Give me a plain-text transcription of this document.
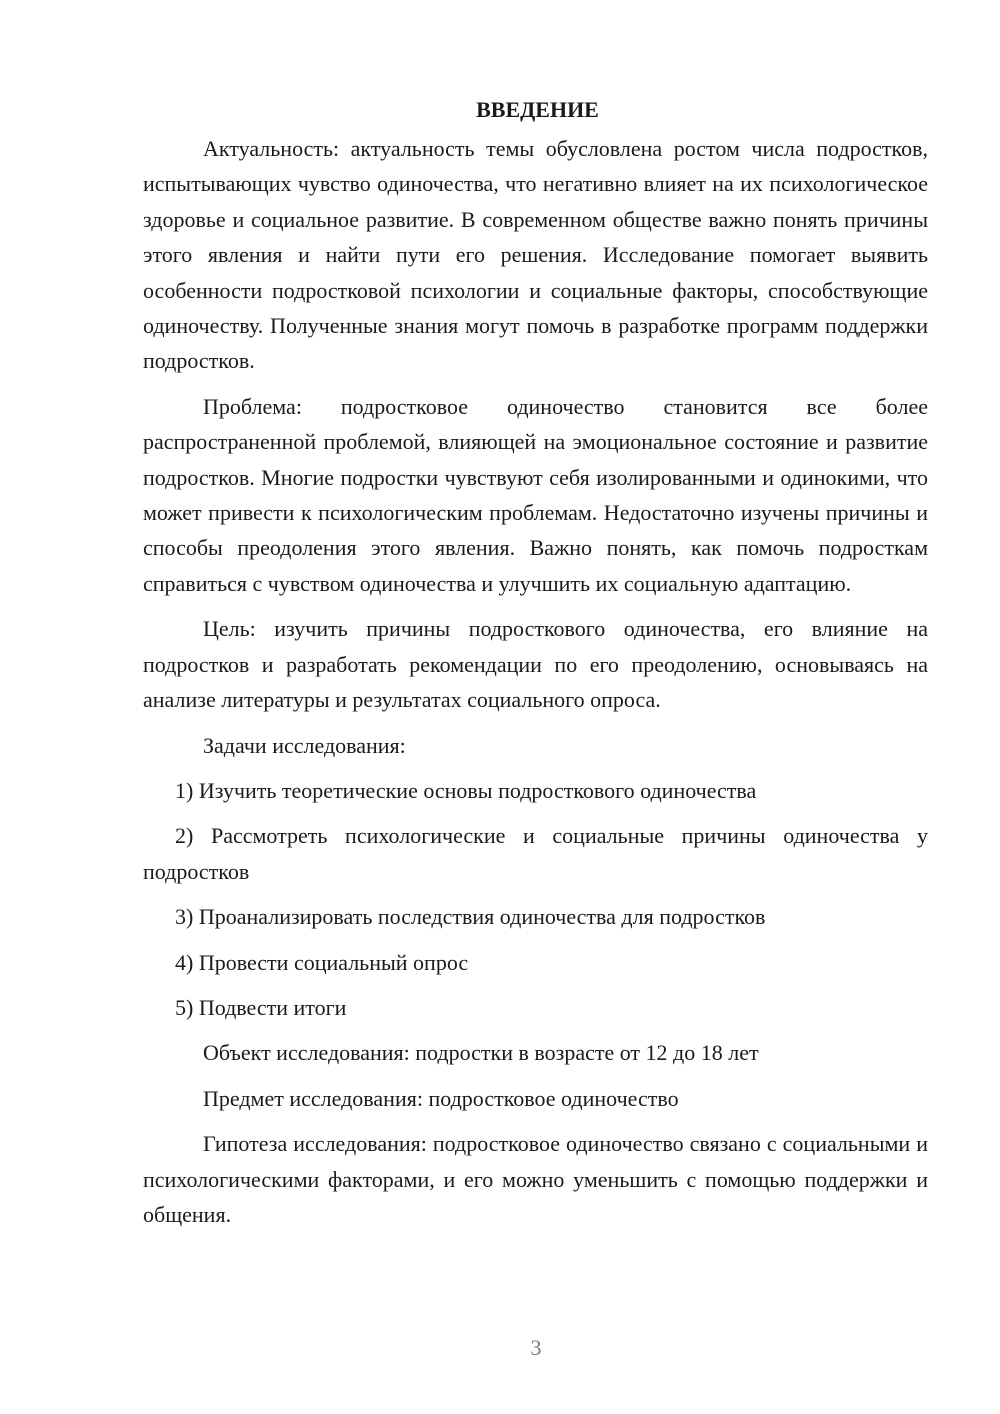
ВВЕДЕНИЕ

Актуальность: актуальность темы обусловлена ростом числа подростков, испытывающих чувство одиночества, что негативно влияет на их психологическое здоровье и социальное развитие. В современном обществе важно понять причины этого явления и найти пути его решения. Исследование помогает выявить особенности подростковой психологии и социальные факторы, способствующие одиночеству. Полученные знания могут помочь в разработке программ поддержки подростков.

Проблема: подростковое одиночество становится все более распространенной проблемой, влияющей на эмоциональное состояние и развитие подростков. Многие подростки чувствуют себя изолированными и одинокими, что может привести к психологическим проблемам. Недостаточно изучены причины и способы преодоления этого явления. Важно понять, как помочь подросткам справиться с чувством одиночества и улучшить их социальную адаптацию.

Цель: изучить причины подросткового одиночества, его влияние на подростков и разработать рекомендации по его преодолению, основываясь на анализе литературы и результатах социального опроса.

Задачи исследования:

1) Изучить теоретические основы подросткового одиночества

2) Рассмотреть психологические и социальные причины одиночества у подростков

3) Проанализировать последствия одиночества для подростков

4) Провести социальный опрос

5) Подвести итоги

Объект исследования: подростки в возрасте от 12 до 18 лет

Предмет исследования: подростковое одиночество

Гипотеза исследования: подростковое одиночество связано с социальными и психологическими факторами, и его можно уменьшить с помощью поддержки и общения.

3
